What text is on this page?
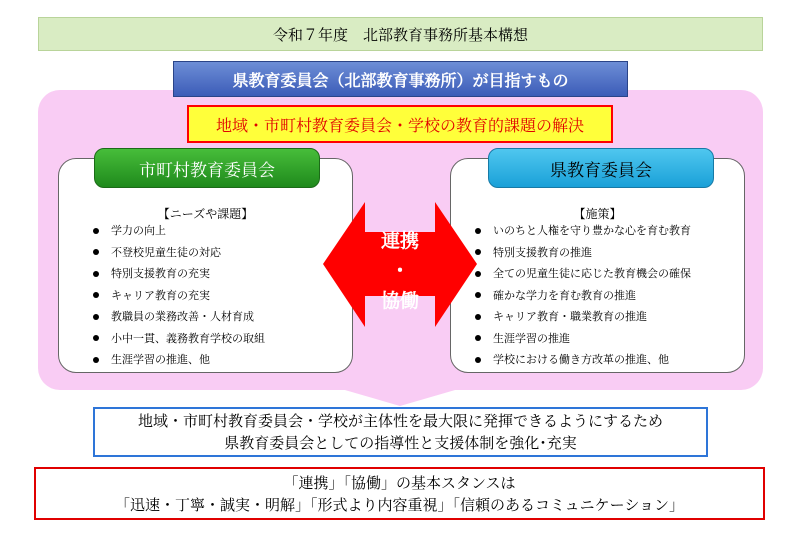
令和７年度　北部教育事務所基本構想
県教育委員会（北部教育事務所）が目指すもの
地域・市町村教育委員会・学校の教育的課題の解決
【ニーズや課題】
学力の向上
不登校児童生徒の対応
特別支援教育の充実
キャリア教育の充実
教職員の業務改善・人材育成
小中一貫、義務教育学校の取組
生涯学習の推進、他
【施策】
いのちと人権を守り豊かな心を育む教育
特別支援教育の推進
全ての児童生徒に応じた教育機会の確保
確かな学力を育む教育の推進
キャリア教育・職業教育の推進
生涯学習の推進
学校における働き方改革の推進、他
市町村教育委員会	県教育委員会
連携
・
協働
地域・市町村教育委員会・学校が主体性を最大限に発揮できるようにするため
県教育委員会としての指導性と支援体制を強化･充実
「連携」「協働」の基本スタンスは
「迅速・丁寧・誠実・明解」「形式より内容重視」「信頼のあるコミュニケーション」
